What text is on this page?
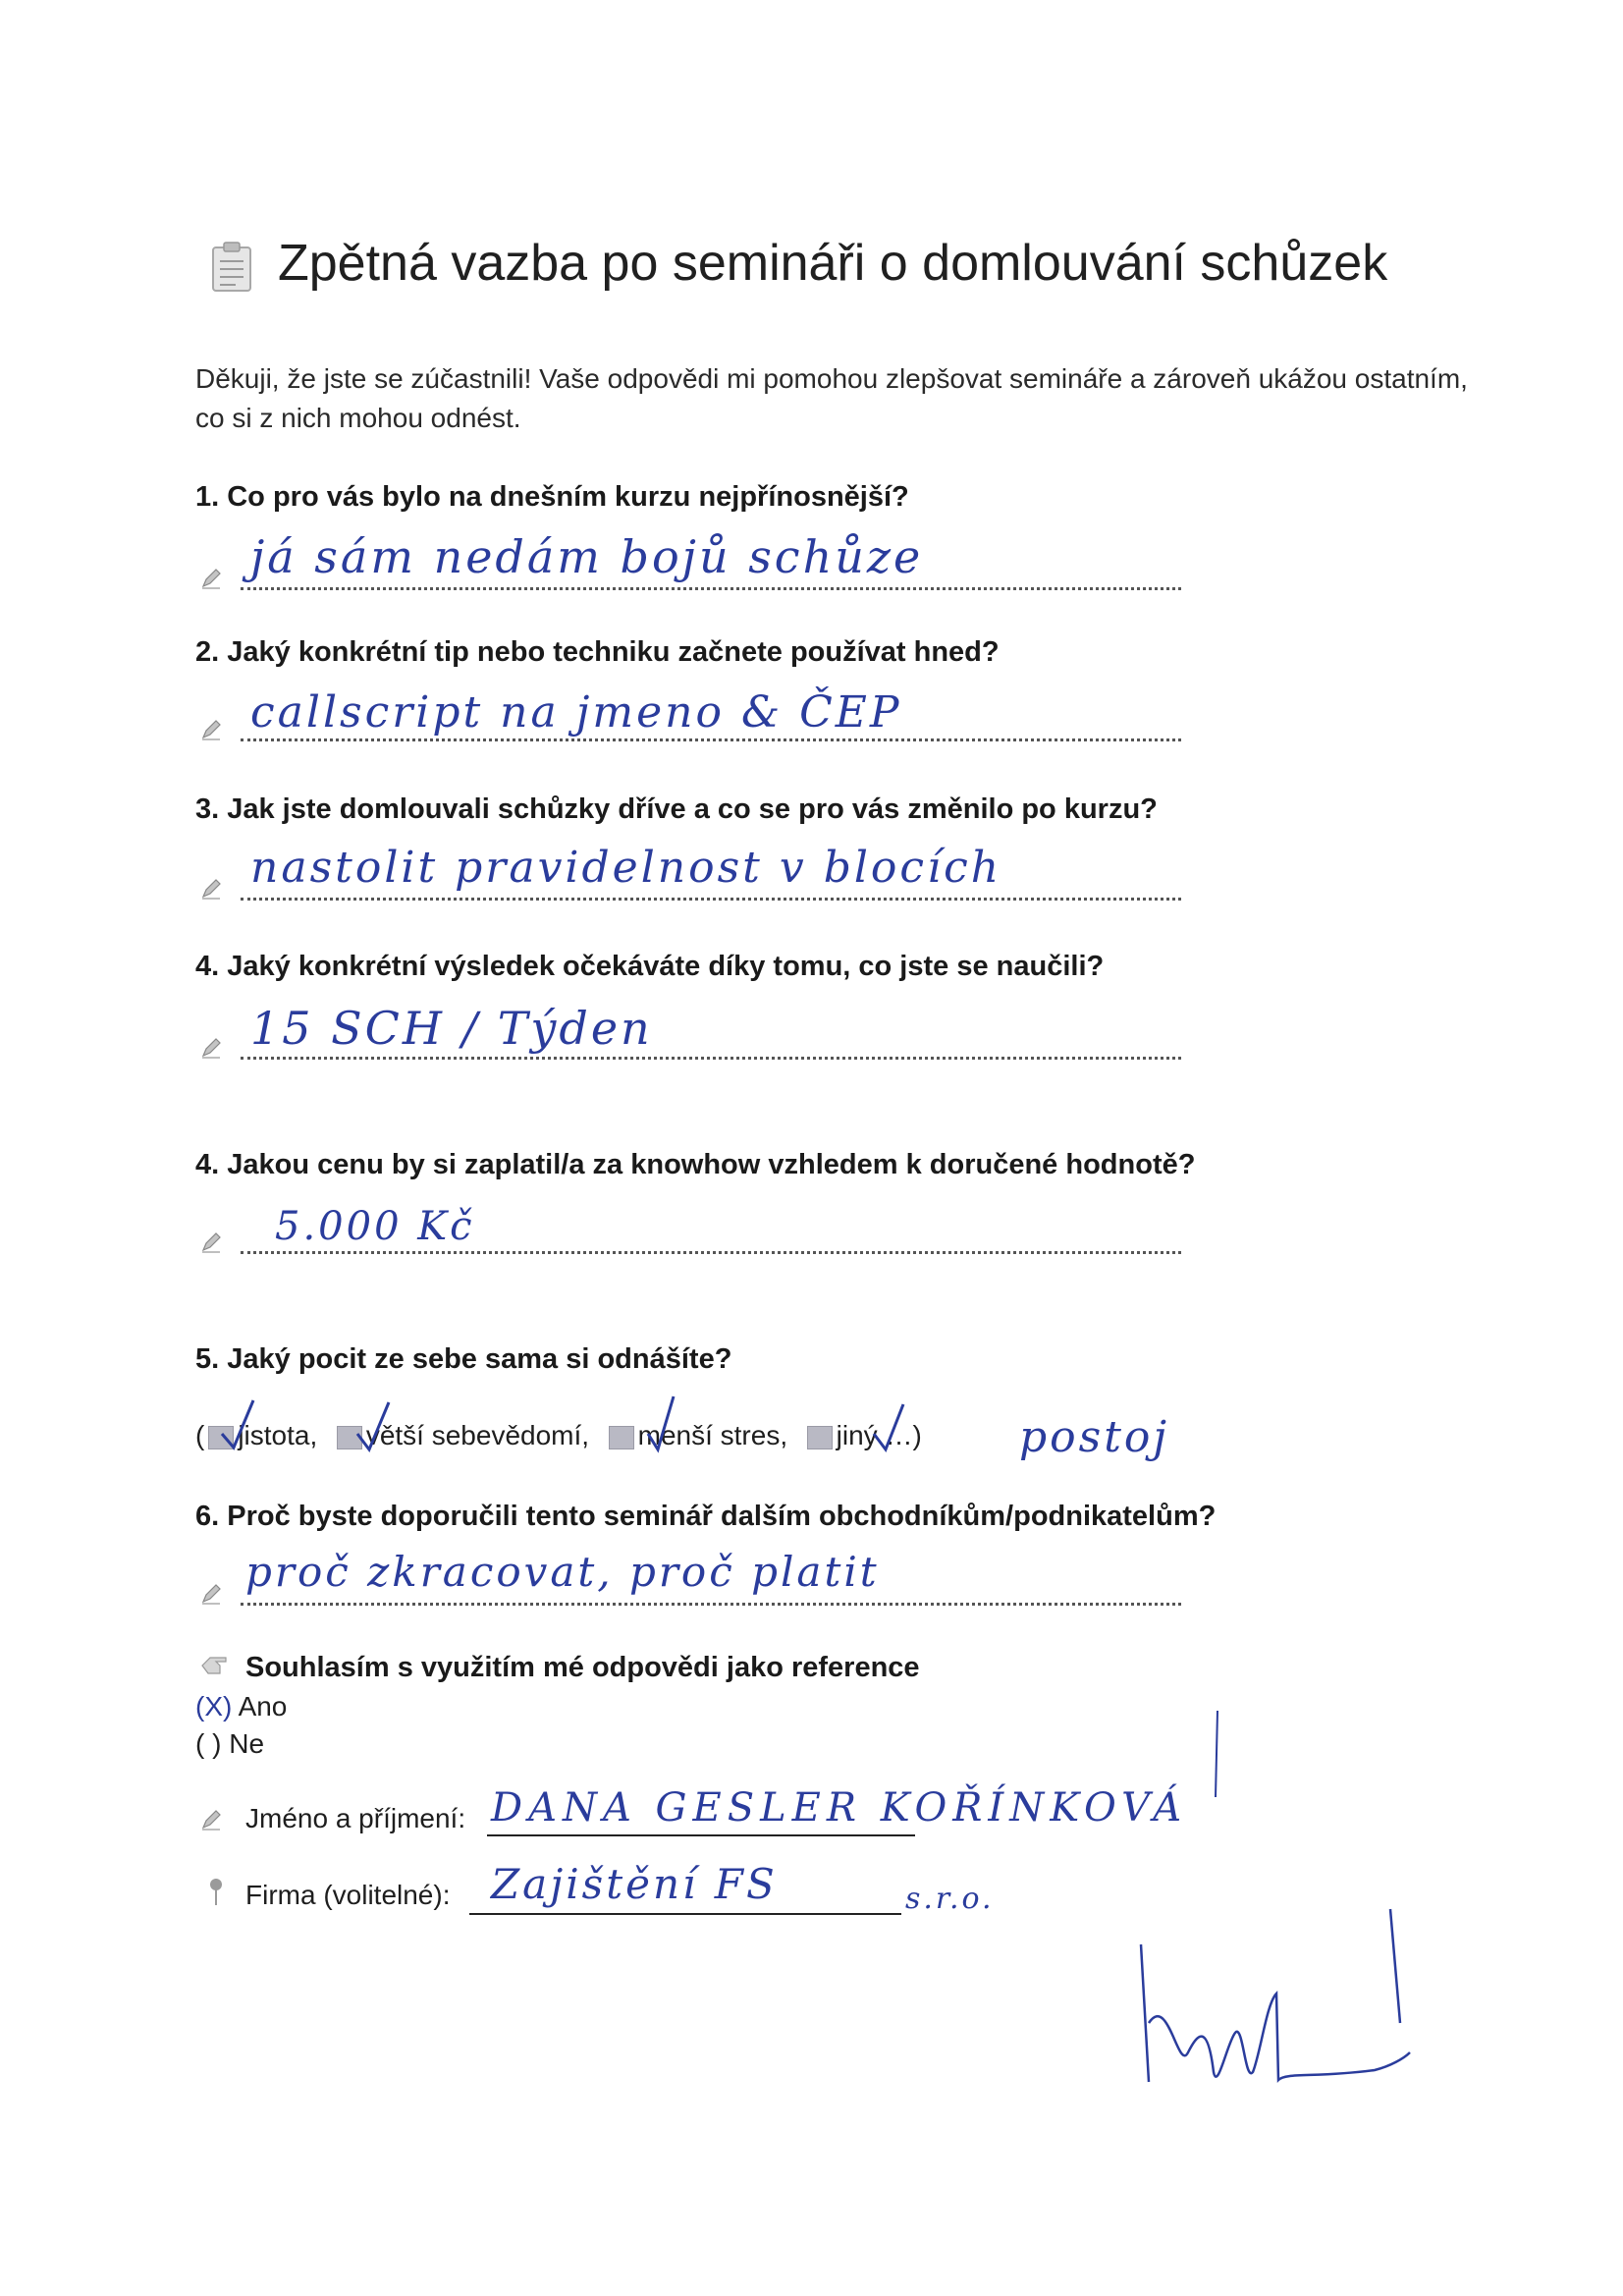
Zpětná vazba po semináři o domlouvání schůzek
Děkuji, že jste se zúčastnili! Vaše odpovědi mi pomohou zlepšovat semináře a zároveň ukážou ostatním, co si z nich mohou odnést.
1. Co pro vás bylo na dnešním kurzu nejpřínosnější?
já sám nedám bojů schůze
2. Jaký konkrétní tip nebo techniku začnete používat hned?
callscript na jmeno & ČEP
3. Jak jste domlouvali schůzky dříve a co se pro vás změnilo po kurzu?
nastolit pravidelnost v blocích
4. Jaký konkrétní výsledek očekáváte díky tomu, co jste se naučili?
15 SCH / Týden
4. Jakou cenu by si zaplatil/a za knowhow vzhledem k doručené hodnotě?
5.000 Kč
5. Jaký pocit ze sebe sama si odnášíte?
( jistota, větší sebevědomí, menší stres, jiný …) postoj
6. Proč byste doporučili tento seminář dalším obchodníkům/podnikatelům?
proč zkracovat, proč platit
Souhlasím s využitím mé odpovědi jako reference
(X) Ano
( ) Ne
Jméno a příjmení: DANA GESLER KOŘÍNKOVÁ
Firma (volitelné): Zajištění FS	s.r.o.
